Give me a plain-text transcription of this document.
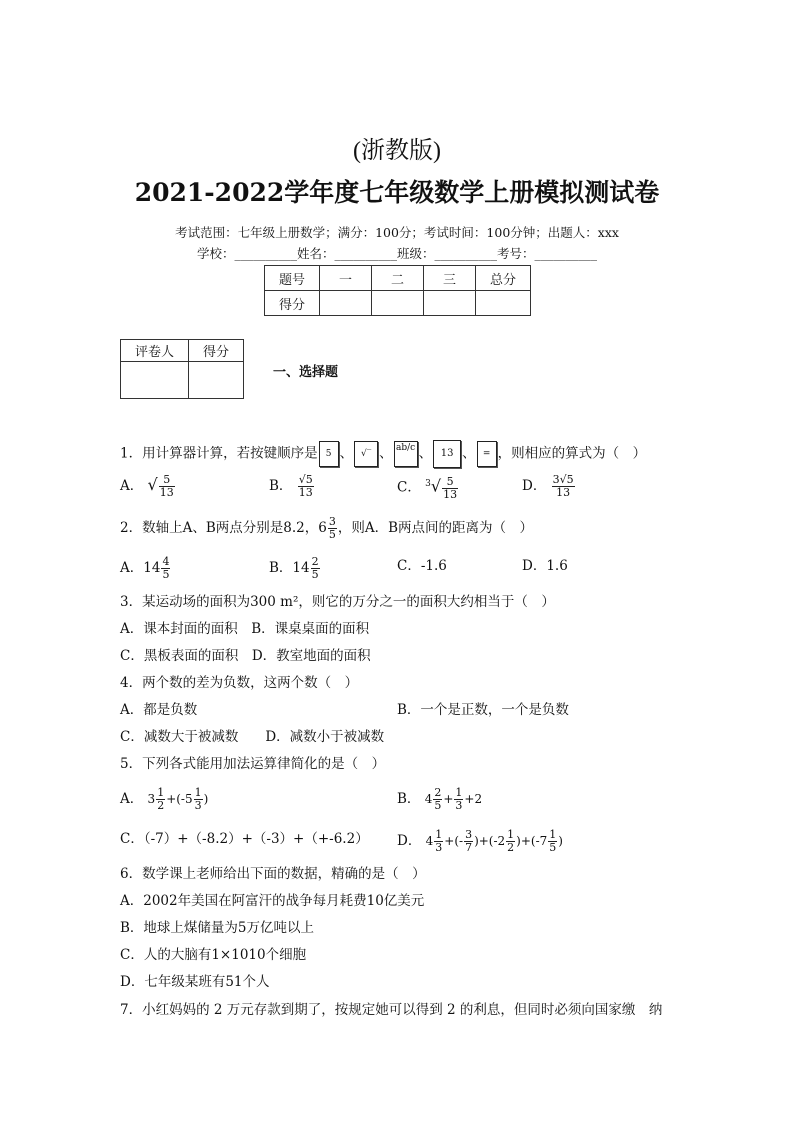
(浙教版)
2021-2022学年度七年级数学上册模拟测试卷
考试范围：七年级上册数学；满分：100分；考试时间：100分钟；出题人：xxx
学校：__________姓名：__________班级：__________考号：__________
题号	一	二	三	总分
得分				
评卷人	得分

一、选择题
1．用计算器计算，若按键顺序是 5 、 √‾ 、 ab/c 、 13 、 = ，则相应的算式为（　）
A． √ $\frac{5}{13}$	B． $\frac{√5}{13}$	C． $^3√ \frac{5}{13}$	D． $\frac{3√5}{13}$
2．数轴上A、B两点分别是8.2，$6 \frac{3}{5}$ ，则A．B两点间的距离为（　）
A．$14 \frac{4}{5}$	B．$14 \frac{2}{5}$	C．-1.6	D．1.6
3．某运动场的面积为300 m²，则它的万分之一的面积大约相当于（　）
A．课本封面的面积　B．课桌桌面的面积
C．黑板表面的面积　D．教室地面的面积
4．两个数的差为负数，这两个数（　）
A．都是负数	B．一个是正数，一个是负数
C．减数大于被减数　　D．减数小于被减数
5．下列各式能用加法运算律简化的是（　）
A． $3 \frac{1}{2} +(-5 \frac{1}{3}$ )	B． $4 \frac{2}{5} + \frac{1}{3} +2$
C．（-7）+（-8.2）+（-3）+（+-6.2） D． $4 \frac{1}{3}$ +(- $\frac{3}{7} )+(-2 \frac{1}{2} )+(-7 \frac{1}{5}$ )
6．数学课上老师给出下面的数据，精确的是（　）
A．2002年美国在阿富汗的战争每月耗费10亿美元
B．地球上煤储量为5万亿吨以上
C．人的大脑有1×1010个细胞
D．七年级某班有51个人
7．小红妈妈的 2 万元存款到期了，按规定她可以得到 2 的利息，但同时必须向国家缴　纳
